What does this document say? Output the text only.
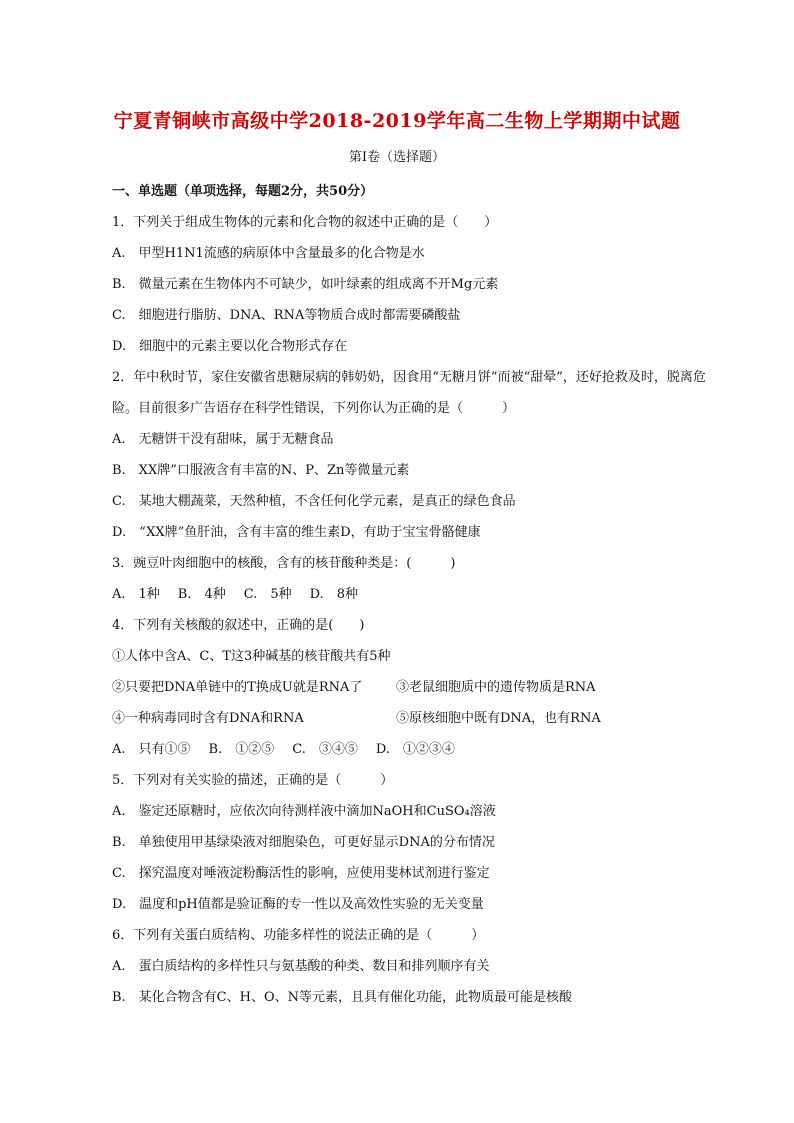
宁夏青铜峡市高级中学2018-2019学年高二生物上学期期中试题
第Ⅰ卷（选择题）
一、单选题（单项选择，每题2分，共50分）
1．下列关于组成生物体的元素和化合物的叙述中正确的是（　　）
A.　甲型H1N1流感的病原体中含量最多的化合物是水
B.　微量元素在生物体内不可缺少，如叶绿素的组成离不开Mg元素
C.　细胞进行脂肪、DNA、RNA等物质合成时都需要磷酸盐
D.　细胞中的元素主要以化合物形式存在
2．年中秋时节，家住安徽省患糖尿病的韩奶奶，因食用“无糖月饼”而被“甜晕”，还好抢救及时，脱离危险。目前很多广告语存在科学性错误，下列你认为正确的是（　　　）
A.　无糖饼干没有甜味，属于无糖食品
B.　XX牌”口服液含有丰富的N、P、Zn等微量元素
C.　某地大棚蔬菜，天然种植，不含任何化学元素，是真正的绿色食品
D.　“XX牌”鱼肝油，含有丰富的维生素D，有助于宝宝骨骼健康
3．豌豆叶肉细胞中的核酸，含有的核苷酸种类是：(　　　)
A.　1种 B.　4种 C.　5种 D.　8种
4．下列有关核酸的叙述中，正确的是(　　)
①人体中含A、C、T这3种碱基的核苷酸共有5种
②只要把DNA单链中的T换成U就是RNA了	③老鼠细胞质中的遗传物质是RNA
④一种病毒同时含有DNA和RNA	⑤原核细胞中既有DNA，也有RNA
A.　只有①⑤ B.　①②⑤ C.　③④⑤ D.　①②③④
5．下列对有关实验的描述，正确的是（　　　）
A.　鉴定还原糖时，应依次向待测样液中滴加NaOH和CuSO₄溶液
B.　单独使用甲基绿染液对细胞染色，可更好显示DNA的分布情况
C.　探究温度对唾液淀粉酶活性的影响，应使用斐林试剂进行鉴定
D.　温度和pH值都是验证酶的专一性以及高效性实验的无关变量
6．下列有关蛋白质结构、功能多样性的说法正确的是（　　　）
A.　蛋白质结构的多样性只与氨基酸的种类、数目和排列顺序有关
B.　某化合物含有C、H、O、N等元素，且具有催化功能，此物质最可能是核酸
